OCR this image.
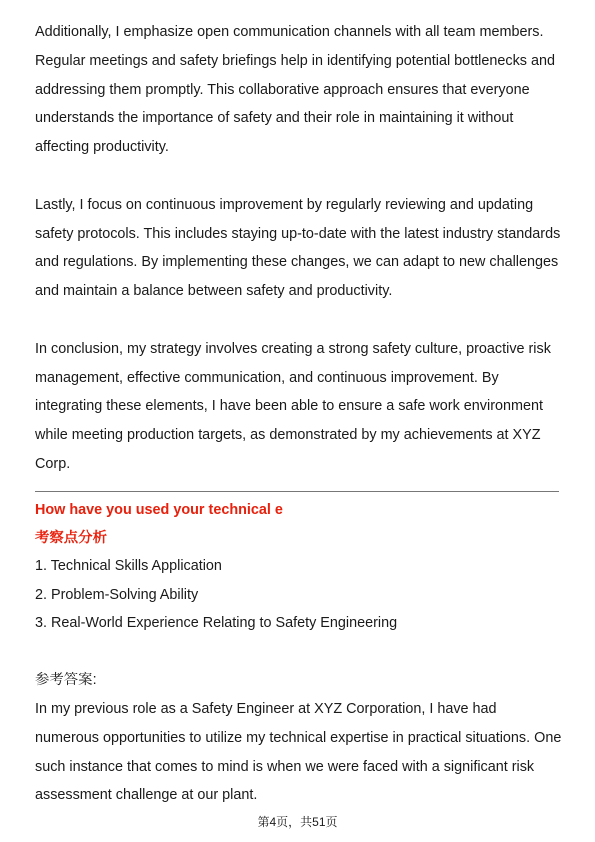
Additionally, I emphasize open communication channels with all team members. Regular meetings and safety briefings help in identifying potential bottlenecks and addressing them promptly. This collaborative approach ensures that everyone understands the importance of safety and their role in maintaining it without affecting productivity.

Lastly, I focus on continuous improvement by regularly reviewing and updating safety protocols. This includes staying up-to-date with the latest industry standards and regulations. By implementing these changes, we can adapt to new challenges and maintain a balance between safety and productivity.

In conclusion, my strategy involves creating a strong safety culture, proactive risk management, effective communication, and continuous improvement. By integrating these elements, I have been able to ensure a safe work environment while meeting production targets, as demonstrated by my achievements at XYZ Corp.

How have you used your technical e

考察点分析

1. Technical Skills Application
2. Problem-Solving Ability
3. Real-World Experience Relating to Safety Engineering

参考答案:

In my previous role as a Safety Engineer at XYZ Corporation, I have had numerous opportunities to utilize my technical expertise in practical situations. One such instance that comes to mind is when we were faced with a significant risk assessment challenge at our plant.

第4页，共51页
